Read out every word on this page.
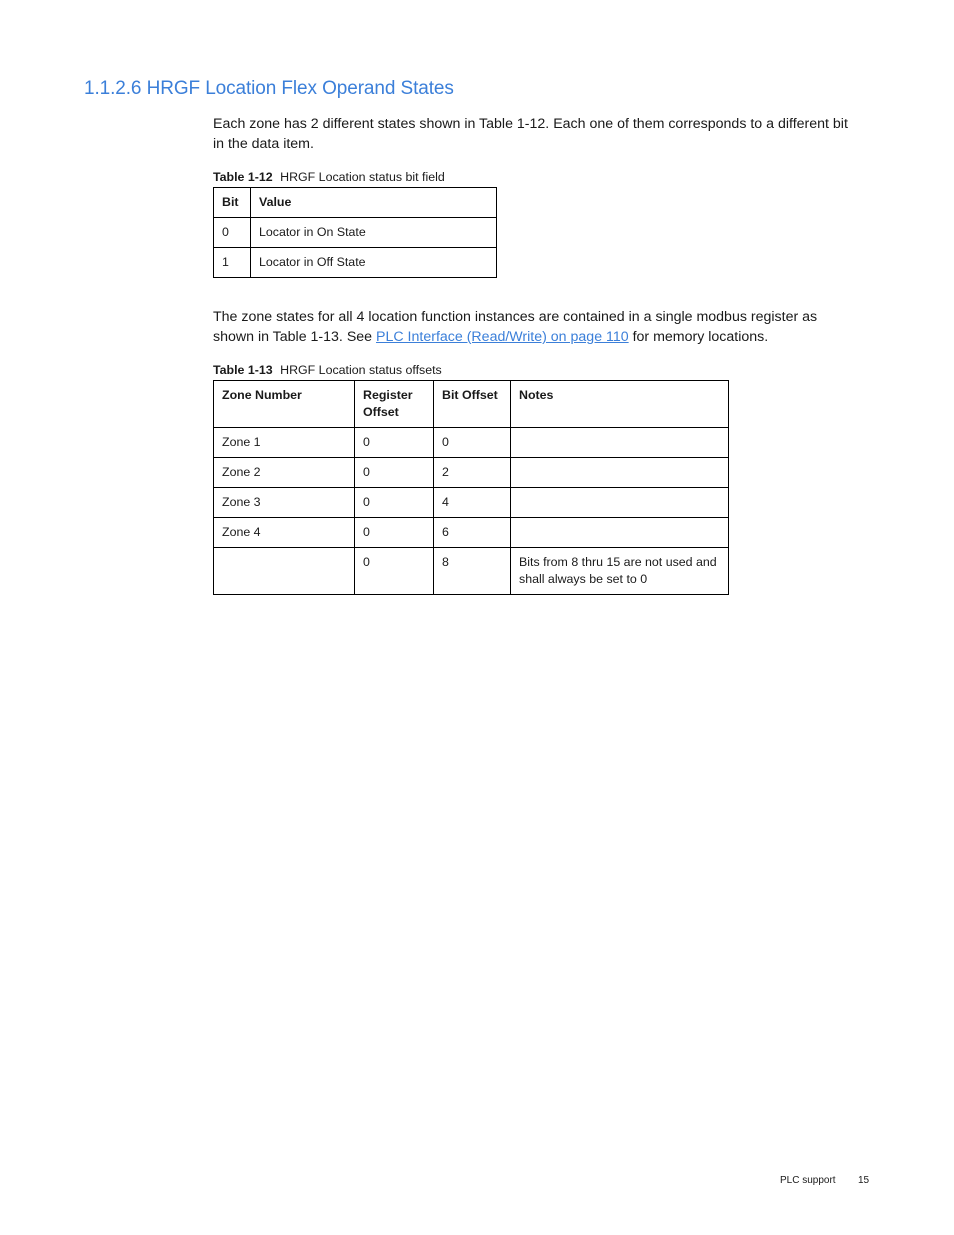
1.1.2.6 HRGF Location Flex Operand States

Each zone has 2 different states shown in Table 1-12. Each one of them corresponds to a different bit in the data item.

Table 1-12 HRGF Location status bit field

Bit	Value
0	Locator in On State
1	Locator in Off State

The zone states for all 4 location function instances are contained in a single modbus register as shown in Table 1-13. See PLC Interface (Read/Write) on page 110 for memory locations.

Table 1-13 HRGF Location status offsets

Zone Number	Register Offset	Bit Offset	Notes
Zone 1	0	0	
Zone 2	0	2	
Zone 3	0	4	
Zone 4	0	6	
	0	8	Bits from 8 thru 15 are not used and shall always be set to 0
PLC support 15
